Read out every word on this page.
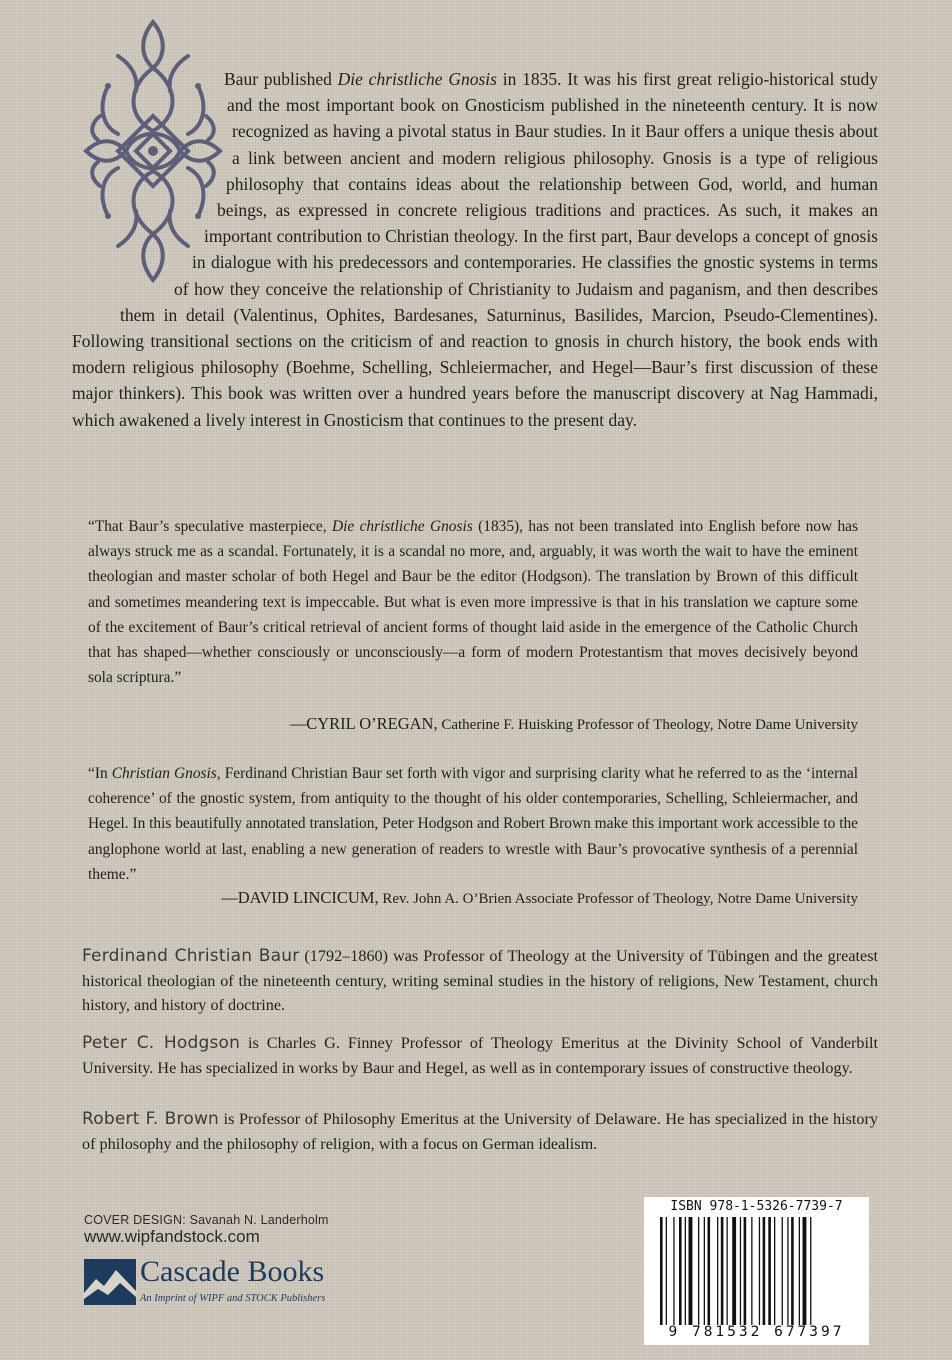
Baur published Die christliche Gnosis in 1835. It was his first great religio-historical study and the most important book on Gnosticism published in the nineteenth century. It is now recognized as having a pivotal status in Baur studies. In it Baur offers a unique thesis about a link between ancient and modern religious philosophy. Gnosis is a type of religious philosophy that contains ideas about the relationship between God, world, and human beings, as expressed in concrete religious traditions and practices. As such, it makes an important contribution to Christian theology. In the first part, Baur develops a concept of gnosis in dialogue with his predecessors and contemporaries. He classifies the gnostic systems in terms of how they conceive the relationship of Christianity to Judaism and paganism, and then describes them in detail (Valentinus, Ophites, Bardesanes, Saturninus, Basilides, Marcion, Pseudo-Clementines). Following transitional sections on the criticism of and reaction to gnosis in church history, the book ends with modern religious philosophy (Boehme, Schelling, Schleiermacher, and Hegel—Baur’s first discussion of these major thinkers). This book was written over a hundred years before the manuscript discovery at Nag Hammadi, which awakened a lively interest in Gnosticism that continues to the present day.

“That Baur’s speculative masterpiece, Die christliche Gnosis (1835), has not been translated into English before now has always struck me as a scandal. Fortunately, it is a scandal no more, and, arguably, it was worth the wait to have the eminent theologian and master scholar of both Hegel and Baur be the editor (Hodgson). The translation by Brown of this difficult and sometimes meandering text is impeccable. But what is even more impressive is that in his translation we capture some of the excitement of Baur’s critical retrieval of ancient forms of thought laid aside in the emergence of the Catholic Church that has shaped—whether consciously or unconsciously—a form of modern Protestantism that moves decisively beyond sola scriptura.”

—CYRIL O’REGAN, Catherine F. Huisking Professor of Theology, Notre Dame University

“In Christian Gnosis, Ferdinand Christian Baur set forth with vigor and surprising clarity what he referred to as the ‘internal coherence’ of the gnostic system, from antiquity to the thought of his older contemporaries, Schelling, Schleiermacher, and Hegel. In this beautifully annotated translation, Peter Hodgson and Robert Brown make this important work accessible to the anglophone world at last, enabling a new generation of readers to wrestle with Baur’s provocative synthesis of a perennial theme.”

—DAVID LINCICUM, Rev. John A. O’Brien Associate Professor of Theology, Notre Dame University

Ferdinand Christian Baur (1792–1860) was Professor of Theology at the University of Tübingen and the greatest historical theologian of the nineteenth century, writing seminal studies in the history of religions, New Testament, church history, and history of doctrine.

Peter C. Hodgson is Charles G. Finney Professor of Theology Emeritus at the Divinity School of Vanderbilt University. He has specialized in works by Baur and Hegel, as well as in contemporary issues of constructive theology.

Robert F. Brown is Professor of Philosophy Emeritus at the University of Delaware. He has specialized in the history of philosophy and the philosophy of religion, with a focus on German idealism.

COVER DESIGN: Savanah N. Landerholm
www.wipfandstock.com
Cascade Books
An Imprint of WIPF and STOCK Publishers
ISBN 978-1-5326-7739-7
9 781532 677397
